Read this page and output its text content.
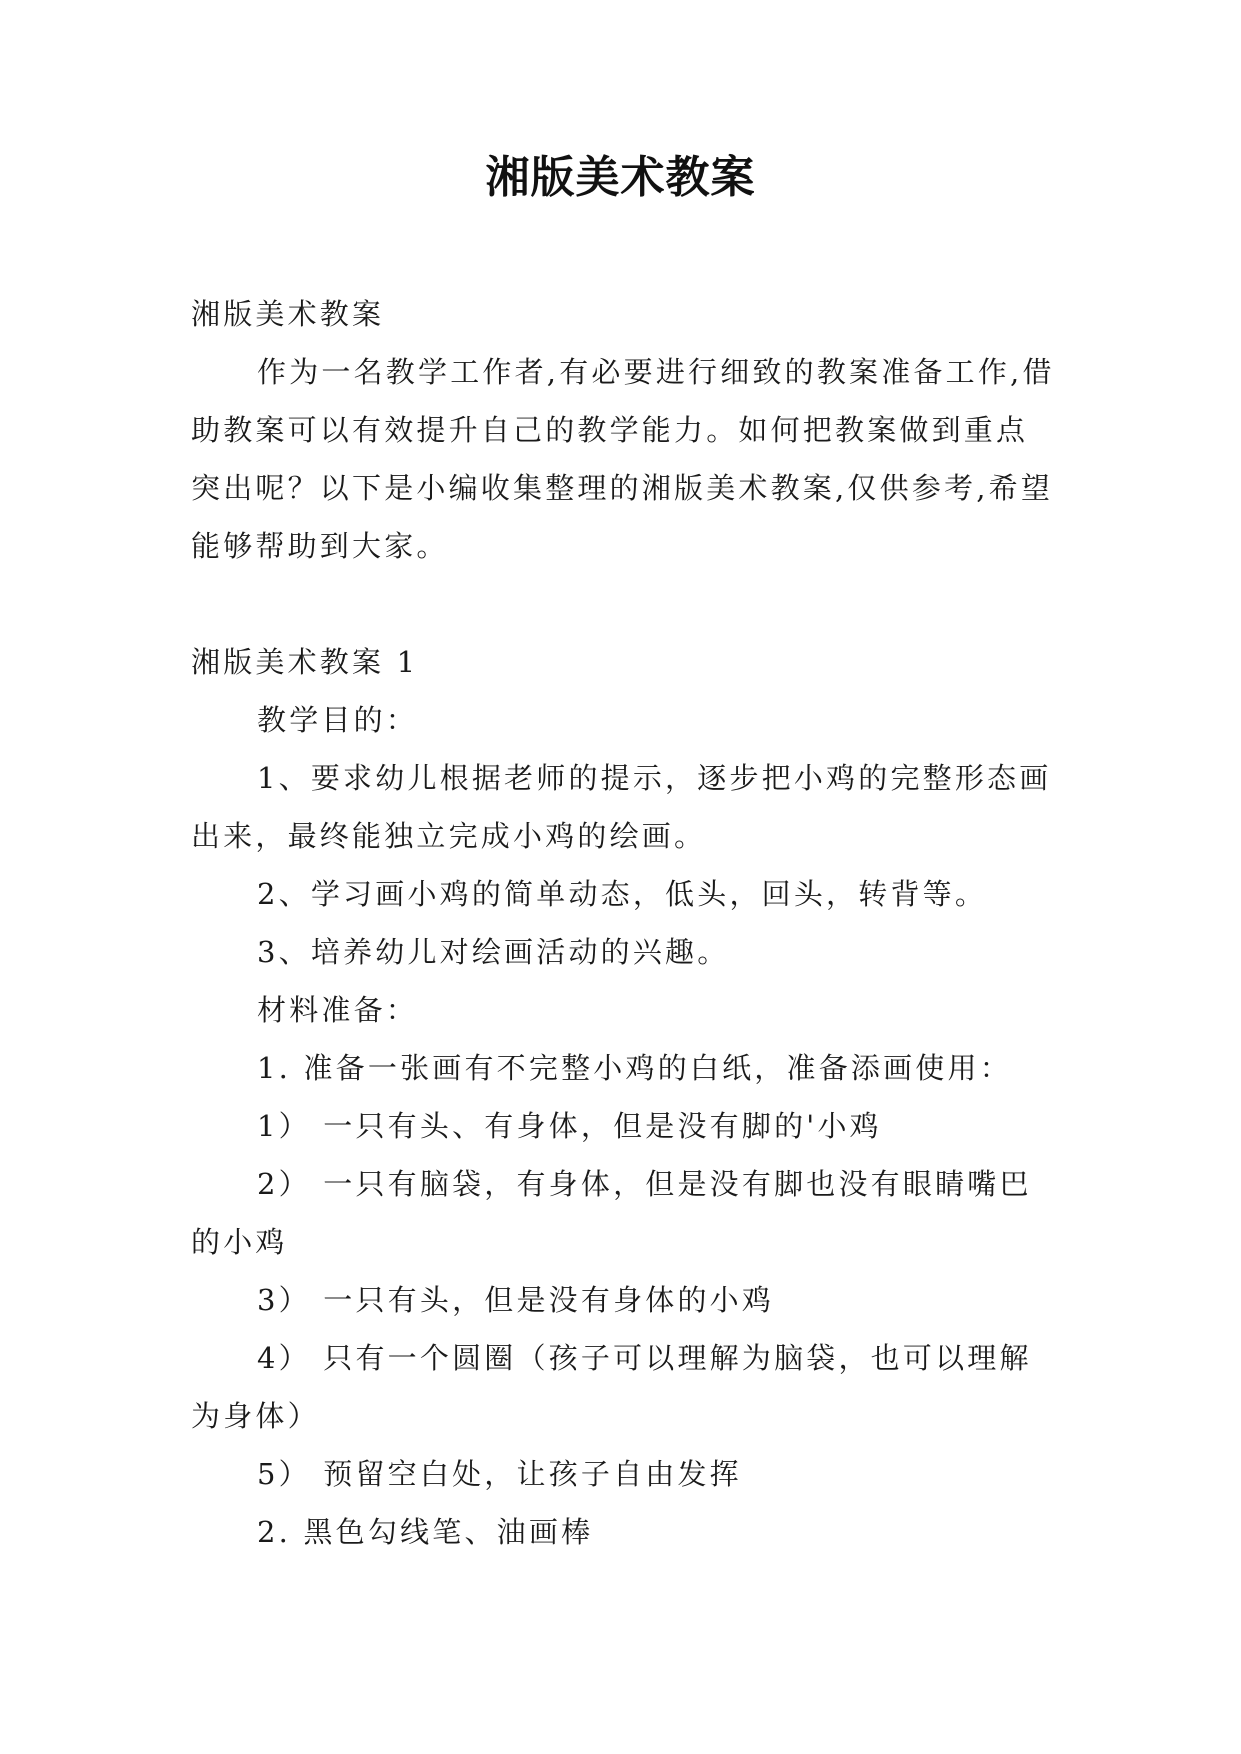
湘版美术教案

湘版美术教案

作为一名教学工作者,有必要进行细致的教案准备工作,借助教案可以有效提升自己的教学能力。如何把教案做到重点突出呢？以下是小编收集整理的湘版美术教案,仅供参考,希望能够帮助到大家。

湘版美术教案 1

教学目的：

1、要求幼儿根据老师的提示，逐步把小鸡的完整形态画出来，最终能独立完成小鸡的绘画。

2、学习画小鸡的简单动态，低头，回头，转背等。

3、培养幼儿对绘画活动的兴趣。

材料准备：

1. 准备一张画有不完整小鸡的白纸，准备添画使用：

1） 一只有头、有身体，但是没有脚的'小鸡

2） 一只有脑袋，有身体，但是没有脚也没有眼睛嘴巴的小鸡

3） 一只有头，但是没有身体的小鸡

4） 只有一个圆圈（孩子可以理解为脑袋，也可以理解为身体）

5） 预留空白处，让孩子自由发挥

2. 黑色勾线笔、油画棒
